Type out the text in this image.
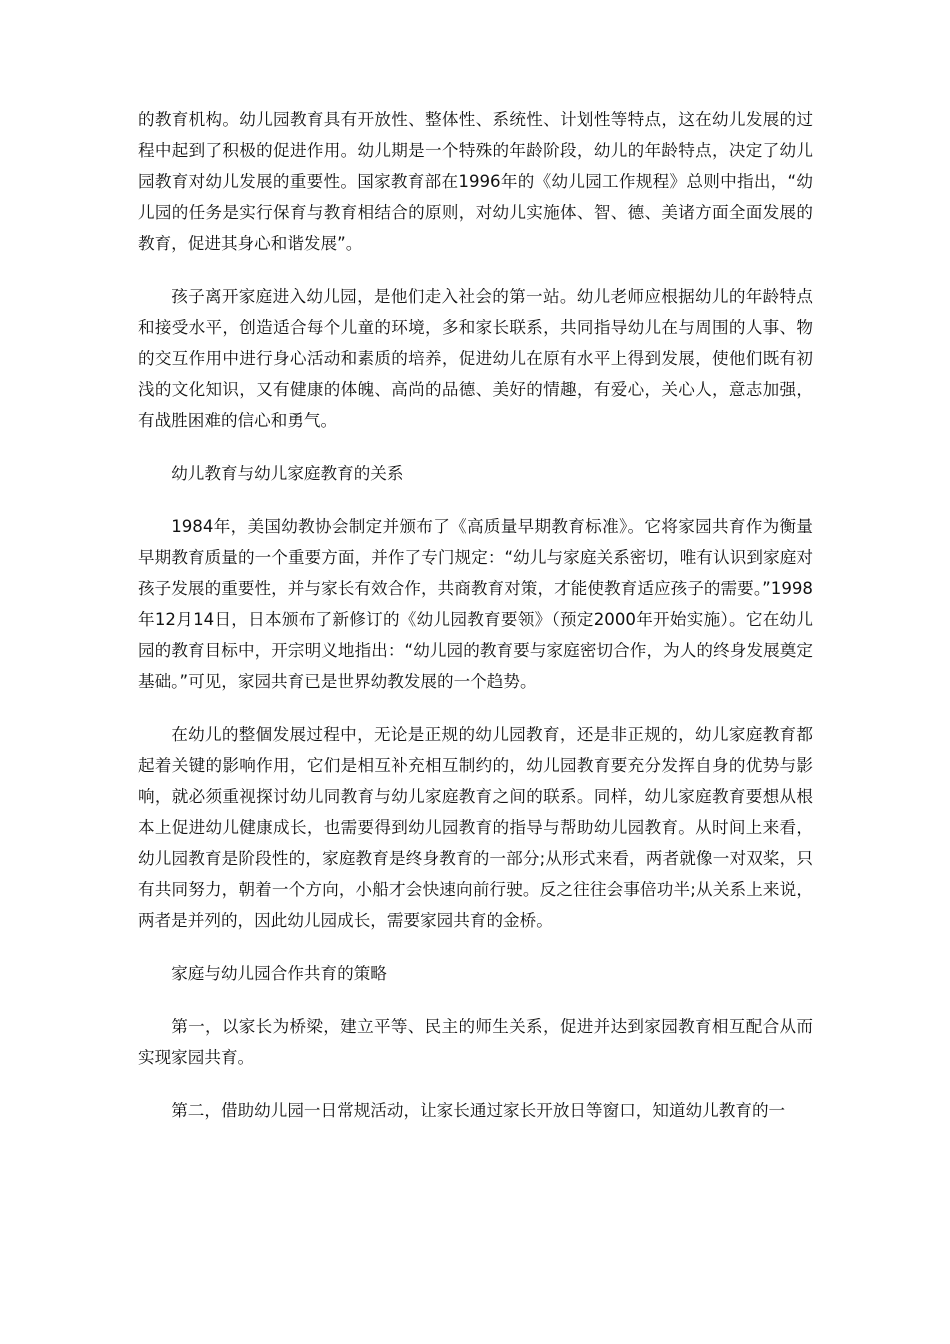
的教育机构。幼儿园教育具有开放性、整体性、系统性、计划性等特点，这在幼儿发展的过程中起到了积极的促进作用。幼儿期是一个特殊的年龄阶段，幼儿的年龄特点，决定了幼儿园教育对幼儿发展的重要性。国家教育部在1996年的《幼儿园工作规程》总则中指出，“幼儿园的任务是实行保育与教育相结合的原则，对幼儿实施体、智、德、美诸方面全面发展的教育，促进其身心和谐发展”。

孩子离开家庭进入幼儿园，是他们走入社会的第一站。幼儿老师应根据幼儿的年龄特点和接受水平，创造适合每个儿童的环境，多和家长联系，共同指导幼儿在与周围的人事、物的交互作用中进行身心活动和素质的培养，促进幼儿在原有水平上得到发展，使他们既有初浅的文化知识，又有健康的体魄、高尚的品德、美好的情趣，有爱心，关心人，意志加强，有战胜困难的信心和勇气。

幼儿教育与幼儿家庭教育的关系

1984年，美国幼教协会制定并颁布了《高质量早期教育标准》。它将家园共育作为衡量早期教育质量的一个重要方面，并作了专门规定：“幼儿与家庭关系密切，唯有认识到家庭对孩子发展的重要性，并与家长有效合作，共商教育对策，才能使教育适应孩子的需要。”1998年12月14日，日本颁布了新修订的《幼儿园教育要领》（预定2000年开始实施）。它在幼儿园的教育目标中，开宗明义地指出：“幼儿园的教育要与家庭密切合作，为人的终身发展奠定基础。”可见，家园共育已是世界幼教发展的一个趋势。

在幼儿的整個发展过程中，无论是正规的幼儿园教育，还是非正规的，幼儿家庭教育都起着关键的影响作用，它们是相互补充相互制约的，幼儿园教育要充分发挥自身的优势与影响，就必须重视探讨幼儿同教育与幼儿家庭教育之间的联系。同样，幼儿家庭教育要想从根本上促进幼儿健康成长，也需要得到幼儿园教育的指导与帮助幼儿园教育。从时间上来看，幼儿园教育是阶段性的，家庭教育是终身教育的一部分;从形式来看，两者就像一对双桨，只有共同努力，朝着一个方向，小船才会快速向前行驶。反之往往会事倍功半;从关系上来说，两者是并列的，因此幼儿园成长，需要家园共育的金桥。

家庭与幼儿园合作共育的策略

第一，以家长为桥梁，建立平等、民主的师生关系，促进并达到家园教育相互配合从而实现家园共育。

第二，借助幼儿园一日常规活动，让家长通过家长开放日等窗口，知道幼儿教育的一
